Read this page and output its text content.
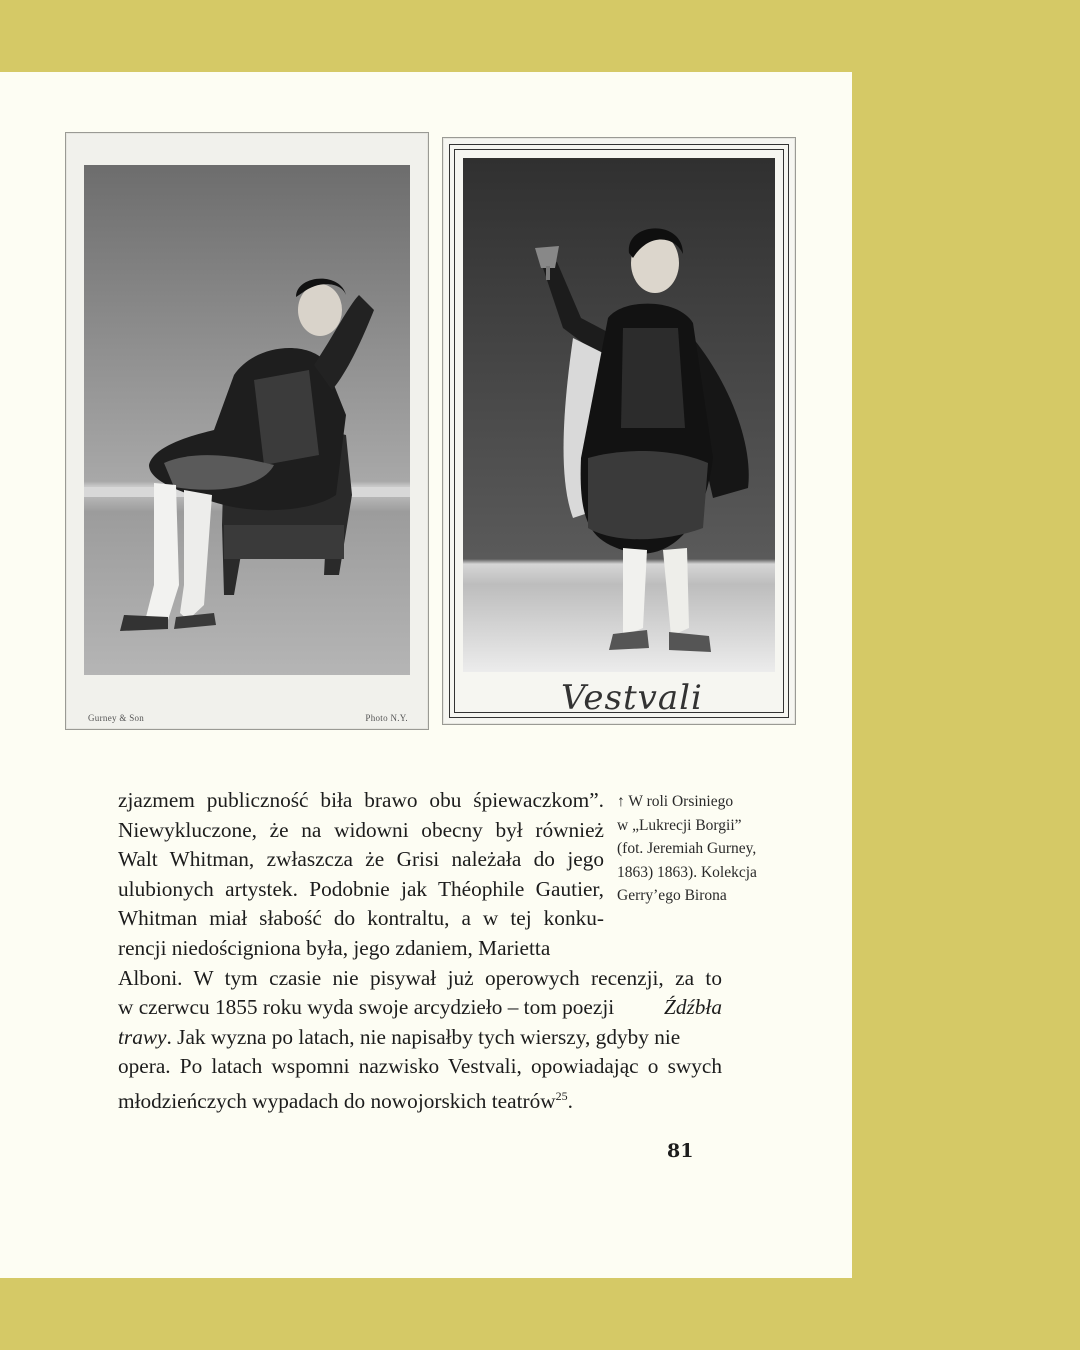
Gurney & Son	Photo N.Y.	Vestvali
zjazmem publiczność biła brawo obu śpiewaczkom”.
Niewykluczone, że na widowni obecny był również
Walt Whitman, zwłaszcza że Grisi należała do jego
ulubionych artystek. Podobnie jak Théophile Gautier,
Whitman miał słabość do kontraltu, a w tej konku-
rencji niedościgniona była, jego zdaniem, Marietta
Alboni. W tym czasie nie pisywał już operowych recenzji, za to
w czerwcu 1855 roku wyda swoje arcydzieło – tom poezji Źdźbła
trawy . Jak wyzna po latach, nie napisałby tych wierszy, gdyby nie
opera. Po latach wspomni nazwisko Vestvali, opowiadając o swych
młodzieńczych wypadach do nowojorskich teatrów$^{25}$.
↑ W roli Orsiniego
w „Lukrecji Borgii”
(fot. Jeremiah Gurney,
1863) 1863). Kolekcja
Gerry’ego Birona
81
